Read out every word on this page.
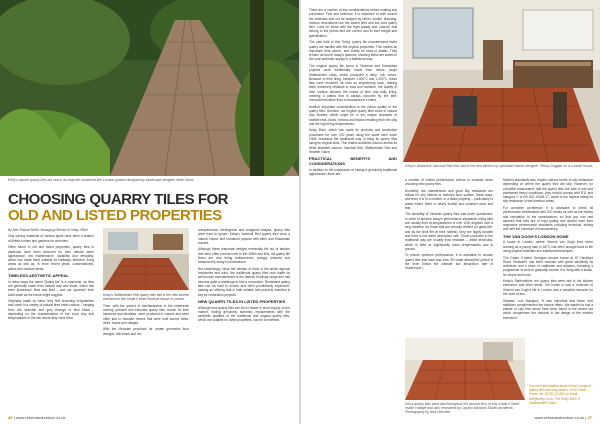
Kelly's square quarry tiles are laid in an Argentic reclaimed-like London garden designed by landscape designer Mark Harris
CHOOSING QUARRY TILES FOR
OLD AND LISTED PROPERTIES

By Alex Poland-Smith, Managing Director of Kelsy Office

Clay paving materials of various types have been a feature of British homes and gardens for centuries.

Often found in old and listed properties, quarry tiles in particular have been favoured for their natural warm appearance, low maintenance, durability and versatility, which has made them suitable for hallways, kitchens, living areas as well as, in more recent years, conservatories, patios and outdoor areas.

TIMELESS AESTHETIC APPEAL

In many ways the name 'Quarry tile' is a misnomer, as they are generally made from natural clay and shale, which has been processed, fired and fired – and not 'quarried' from solid shale as the name might suggest.

Originally made by hand, they feel charming irregularities and come in a variety of natural fired earth colours – ranging from rich bramble and grey through to blue black – depending on the characteristics of the local clay and temperatures in the kiln where they were fired.

Kelsy's Staffordshire Red quarry tiles laid in the new kitchen extension to the Grade II listed Vauxhall House in London.

Then, with the advent of mechanisation in the nineteenth century, pressed and extruded quarry tiles, known for their hardness and densities, were produced in volume and were often laid in victorian homes that were built across cities, cities, towns and villages.

With the Victorian penchant for ornate geometric floor designs, with black and red

chequerboard, herringbone and octagonal shapes, quarry tiles were hard to ignore; Kelsy's Vauxhall Red quarry tiles were a natural choice and remained popular with tilers and Edwardian owners.

Although these elaborate designs eventually fell out of fashion and were often covered over in the 1950s and 60s, old quarry tile floors are now being rediscovered, lovingly restored and treasured by today's homeowners.

Not surprisingly, since the demise of most of the small regional brickworks and kilns, the traditional quarry tiles now made by well-known manufacturers is the Ibstock Holdings range and has become quite a challenge to find a renovation. Reclaimed quarry tiles can be hard to source and often prohibitively expensive, making an offering that is both reliable and properly matched is key for restoration projects.

NEW QUARRY TILES IN LISTED PROPERTIES

Although new quarry tiles can be no lesser in short supply on the market, finding genuinely authentic replacements with the aesthetic qualities of the traditional and original quarry tiles, which are suitable for listed properties, can be a minefield.

46 | www.refurbandrestore.co.uk

There are a number of key considerations before making any purchases. First and foremost, it is important to both source the materials and not be swayed by clever 'soulful' branding. Various renovations use the lowest fired and low cost quarry tiles. Look for those with the right quality and 'colours' that belong to the period and are correct and to their weight and specification.

The vast bulk of this 'Kelsy' quarry tile manufactured listed quarry are familiar with the original properties. This means as important 'here above', and mainly be hand of plastic. They remain 'as found' today's quarries, showing these are suited to the local authentic supply in a traditional way.

The original quarry tile found in Victorian and Edwardian projects were traditionally made from dense, tough Staffordshire clays, which produced a deep, rich colour. Because of their firing, between 1,000°C and 1,200°C, these tiles were rendered as hard as engineering brick, making them extremely resistant to frost and moisture, the quality of their surface absorbs the marks of time and daily living, creating a patina that is always coloured by the tiles' environment rather than a manufacturer's intent.

Another important consideration is the colour quality of the quarry tiles. Genuine, old English quarry tiles come in natural clay shades, which might be in the unique character of mottled reds, blues, browns and blacks resulting from the clay and the high firing temperatures.

Kelsy Brick, which has made its products and production processes for over 100 years using the same kilns since 1908, maintains the traditional way of firing its quarry tiles using its original kilns. This retains authentic colours across its three standard colours: Vauxhall Red, Staffordshire Red and Heather Glaze.

PRACTICAL BENEFITS AND CONSIDERATIONS

In addition to the importance of having a genuinely traditional appearance, there are

Kelsy's distinctive Vauxhall Red tiles laid in the new kitchen by specialist interior designer Tiffany Duggan on a London house.

a number of critical performance criteria to consider when choosing new quarry tiles.

Durability, low maintenance and good slip resistance are critical for any historic or restored floor surface, these days, wherever it is in a modern or a listed property – particularly in areas where there is heavy footfall and constant wear and tear.

The durability of Victorian quarry tiles was never questioned. In order to achieve today's performance standards, Kelsy tiles are usually fired at temperatures of over 1100 degrees over a long duration. As those that are virtually vitrified (or glass-like, and as the kilns fire at their hottest), they are highly durable and have a low water absorption rate. Those produced in the traditional way are usually frost resistant – unlike terracotta, which is fired at significantly lower temperatures and is porous.

To ensure optimum performance, it is advisable to choose quarry tiles that have less than 3% water absorption (which is the level below the ultimate low absorption rate of 'impervious').

Modern standards also require various levels of slip resistance depending on where the quarry tiles are laid. However, for complete reassurance that the quarry tiles are safe in wet and pedestrian-heavy conditions, they should comply with R11 and category C of EN ISO 10545-17, which is the highest rating for slip resistance in wet barefoot areas.

For complete confidence, it is advisable to check all performance certifications and ISO marks as well as the history and reputation of the manufacturer, so that you can rest assured that they are of high quality and should have their respective performance standards including technical, testing and with the minimum of inconsistency.

THE VAN DOGH'S LONDON HOME

A house in London, where Vincent van Gogh lived when working as a young man in 1873, has been brought back to life using original materials and traditional techniques.

The Grade II listed Georgian terrace house at 87 Hackford Road, Stockwell, has been restored with great sensitivity by architects and a team of craftsmen and artisans, including a programme of work to gradually convert it to living with a studio, for others and more.

Kelsy's Staffordshire red quarry tiles were laid in the kitchen extension, and other areas. The house is now a 'museum' of Vincent van Gogh's life in London and a valuable resource for the work of arts.

Stalwart, Luis Manjaud: "It was important that these new additions complemented the historic fabric. We wanted to find a palette of clay that would have been found in the period but which complement the reduced to the design of the modern extension."

Kelsy quarry tiles were laid throughout the ground floor of this Grade II listed estate cottage and was renovated by Clayton Marshall Studio architects. Photography by Nick Dearden.
For more information about Kelsy's range of quarry tiles and clay pavers, or for Trade Prices, tel: 01782 221911 or email: info@kelsy.co.uk. The Kelsy Brick 5 Staffordshire Clays.
www.refurbandrestore.co.uk | 47
